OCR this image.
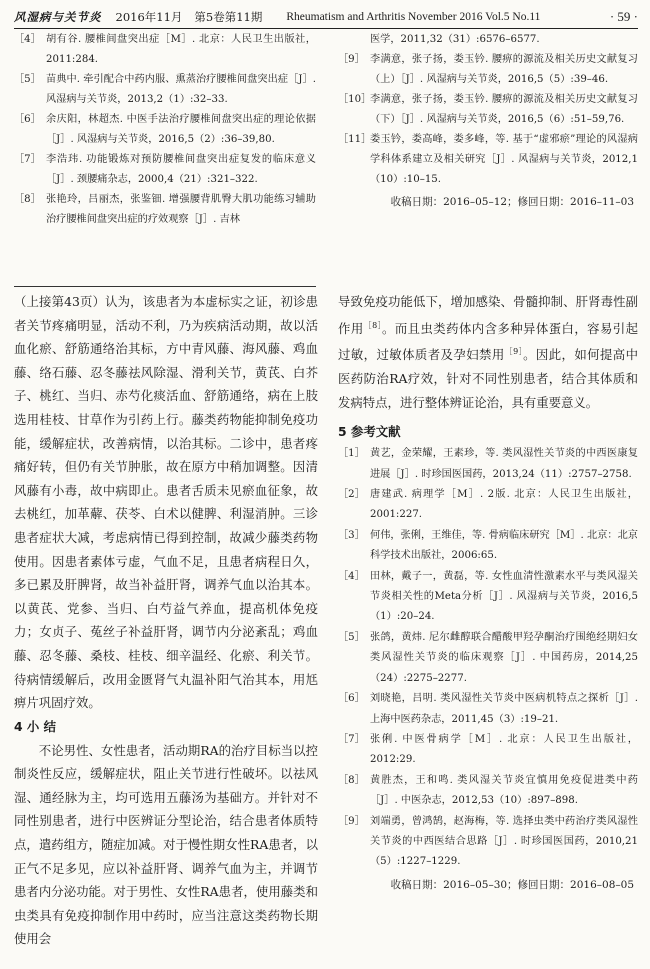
风湿病与关节炎 2016年11月 第5卷第11期 Rheumatism and Arthritis November 2016 Vol.5 No.11	· 59 ·
［4］ 胡有谷. 腰椎间盘突出症［M］. 北京：人民卫生出版社，2011:284.
［5］ 苗典中. 牵引配合中药内服、熏蒸治疗腰椎间盘突出症［J］. 风湿病与关节炎，2013,2（1）:32–33.
［6］ 余庆阳，林超杰. 中医手法治疗腰椎间盘突出症的理论依据［J］. 风湿病与关节炎，2016,5（2）:36–39,80.
［7］ 李浩玮. 功能锻炼对预防腰椎间盘突出症复发的临床意义［J］. 颈腰痛杂志，2000,4（21）:321–322.
［8］ 张艳玲，吕丽杰，张鉴钿. 增强腰背肌臀大肌功能练习辅助治疗腰椎间盘突出症的疗效观察［J］. 吉林
医学，2011,32（31）:6576–6577.
［9］ 李满意，张子扬，娄玉钤. 腰痹的源流及相关历史文献复习（上）［J］. 风湿病与关节炎，2016,5（5）:39–46.
［10］
李满意，张子扬，娄玉钤. 腰痹的源流及相关历史文献复习（下）［J］. 风湿病与关节炎，2016,5（6）:51–59,76.
［11］
娄玉钤，娄高峰，娄多峰，等. 基于“虚邪瘀”理论的风湿病学科体系建立及相关研究［J］. 风湿病与关节炎，2012,1（10）:10–15.
收稿日期：2016–05–12；修回日期：2016–11–03

（上接第43页）认为，该患者为本虚标实之证，初诊患者关节疼痛明显，活动不利，乃为疾病活动期，故以活血化瘀、舒筋通络治其标，方中青风藤、海风藤、鸡血藤、络石藤、忍冬藤祛风除湿、滑利关节，黄芪、白芥子、桃红、当归、赤芍化痰活血、舒筋通络，病在上肢选用桂枝、甘草作为引药上行。藤类药物能抑制免疫功能，缓解症状，改善病情，以治其标。二诊中，患者疼痛好转，但仍有关节肿胀，故在原方中稍加调整。因清风藤有小毒，故中病即止。患者舌质未见瘀血征象，故去桃红，加革薢、茯苓、白术以健脾、利湿消肿。三诊患者症状大减，考虑病情已得到控制，故减少藤类药物使用。因患者素体亏虚，气血不足，且患者病程日久，多已累及肝脾肾，故当补益肝肾，调养气血以治其本。以黄芪、党参、当归、白芍益气养血，提高机体免疫力；女贞子、菟丝子补益肝肾，调节内分泌紊乱；鸡血藤、忍冬藤、桑枝、桂枝、细辛温经、化瘀、利关节。待病情缓解后，改用金匮肾气丸温补阳气治其本，用尪痹片巩固疗效。

4 小 结

不论男性、女性患者，活动期RA的治疗目标当以控制炎性反应，缓解症状，阻止关节进行性破坏。以祛风湿、通经脉为主，均可选用五藤汤为基础方。并针对不同性别患者，进行中医辨证分型论治，结合患者体质特点，遣药组方，随症加减。对于慢性期女性RA患者，以正气不足多见，应以补益肝肾、调养气血为主，并调节患者内分泌功能。对于男性、女性RA患者，使用藤类和虫类具有免疫抑制作用中药时，应当注意这类药物长期使用会

导致免疫功能低下，增加感染、骨髓抑制、肝肾毒性副作用$^{[8]}$。而且虫类药体内含多种异体蛋白，容易引起过敏，过敏体质者及孕妇禁用$^{[9]}$。因此，如何提高中医药防治RA疗效，针对不同性别患者，结合其体质和发病特点，进行整体辨证论治，具有重要意义。

5 参考文献

［1］ 黄艺，金荣耀，王素珍，等. 类风湿性关节炎的中西医康复进展［J］. 时珍国医国药，2013,24（11）:2757–2758.
［2］ 唐建武. 病理学［M］. 2版. 北京：人民卫生出版社，2001:227.
［3］ 何伟，张俐，王维佳，等. 骨病临床研究［M］. 北京：北京科学技术出版社，2006:65.
［4］ 田林，戴子一，黄磊，等. 女性血清性激素水平与类风湿关节炎相关性的Meta分析［J］. 风湿病与关节炎，2016,5（1）:20–24.
［5］ 张鸽，黄炜. 尼尔雌醇联合醋酸甲羟孕酮治疗围绝经期妇女类风湿性关节炎的临床观察［J］. 中国药房，2014,25（24）:2275–2277.
［6］ 刘晓艳，吕明. 类风湿性关节炎中医病机特点之探析［J］. 上海中医药杂志，2011,45（3）:19–21.
［7］ 张俐. 中医骨病学［M］. 北京：人民卫生出版社，2012:29.
［8］ 黄胜杰，王和鸣. 类风湿关节炎宜慎用免疫促进类中药［J］. 中医杂志，2012,53（10）:897–898.
［9］ 刘端勇，曾鸿鹄，赵海梅，等. 选择虫类中药治疗类风湿性关节炎的中西医结合思路［J］. 时珍国医国药，2010,21（5）:1227–1229.
收稿日期：2016–05–30；修回日期：2016–08–05
